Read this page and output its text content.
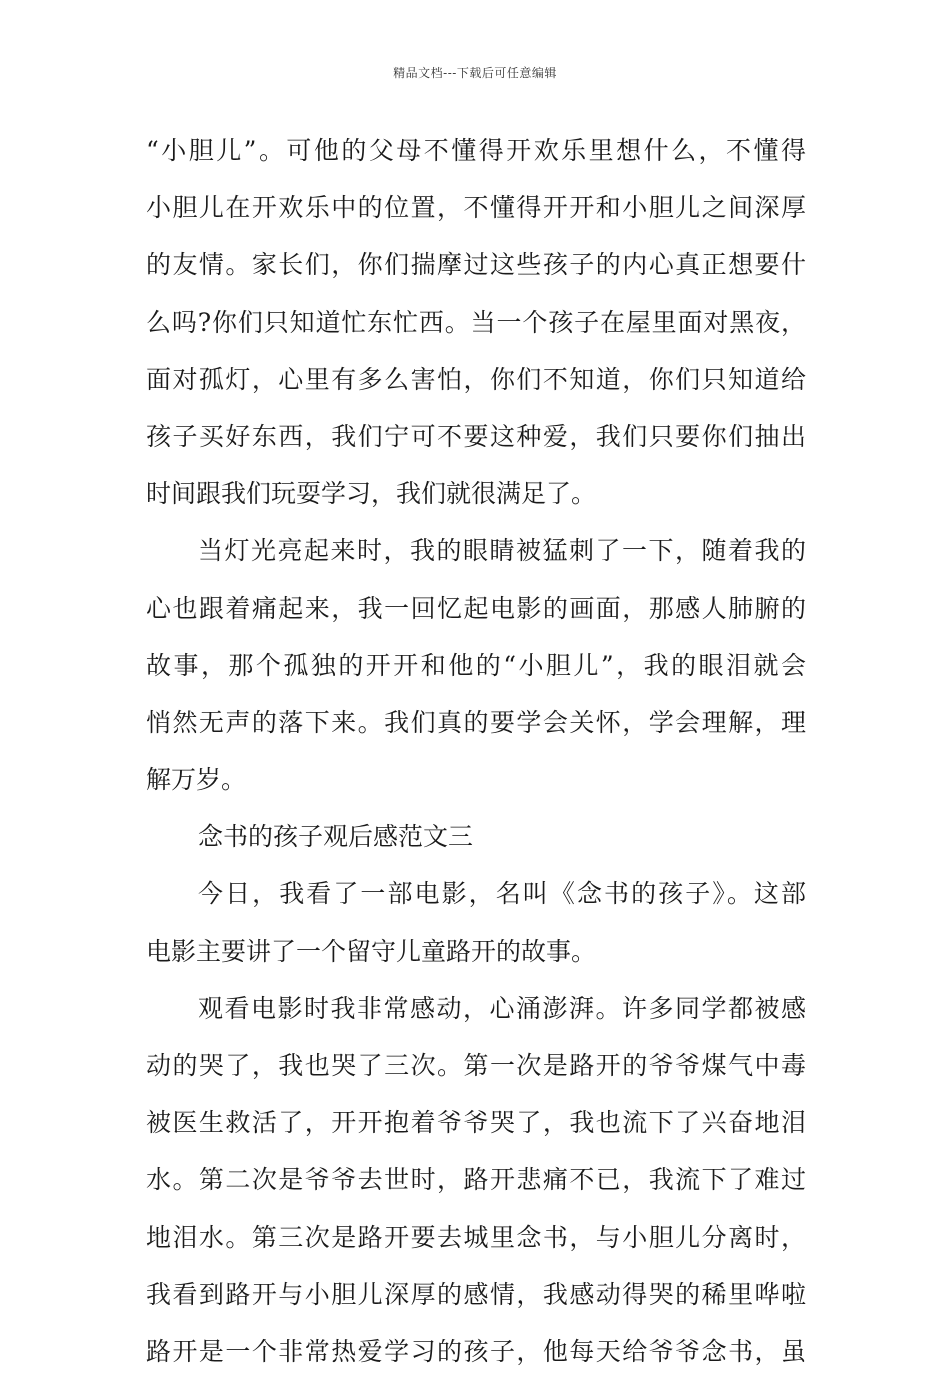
精品文档---下载后可任意编辑
“小胆儿”。可他的父母不懂得开欢乐里想什么，不懂得
小胆儿在开欢乐中的位置，不懂得开开和小胆儿之间深厚
的友情。家长们，你们揣摩过这些孩子的内心真正想要什
么吗?你们只知道忙东忙西。当一个孩子在屋里面对黑夜，
面对孤灯，心里有多么害怕，你们不知道，你们只知道给
孩子买好东西，我们宁可不要这种爱，我们只要你们抽出
时间跟我们玩耍学习，我们就很满足了。
当灯光亮起来时，我的眼睛被猛刺了一下，随着我的
心也跟着痛起来，我一回忆起电影的画面，那感人肺腑的
故事，那个孤独的开开和他的“小胆儿”，我的眼泪就会
悄然无声的落下来。我们真的要学会关怀，学会理解，理
解万岁。
念书的孩子观后感范文三
今日，我看了一部电影，名叫《念书的孩子》。这部
电影主要讲了一个留守儿童路开的故事。
观看电影时我非常感动，心涌澎湃。许多同学都被感
动的哭了，我也哭了三次。第一次是路开的爷爷煤气中毒
被医生救活了，开开抱着爷爷哭了，我也流下了兴奋地泪
水。第二次是爷爷去世时，路开悲痛不已，我流下了难过
地泪水。第三次是路开要去城里念书，与小胆儿分离时，
我看到路开与小胆儿深厚的感情，我感动得哭的稀里哗啦
路开是一个非常热爱学习的孩子，他每天给爷爷念书，虽
